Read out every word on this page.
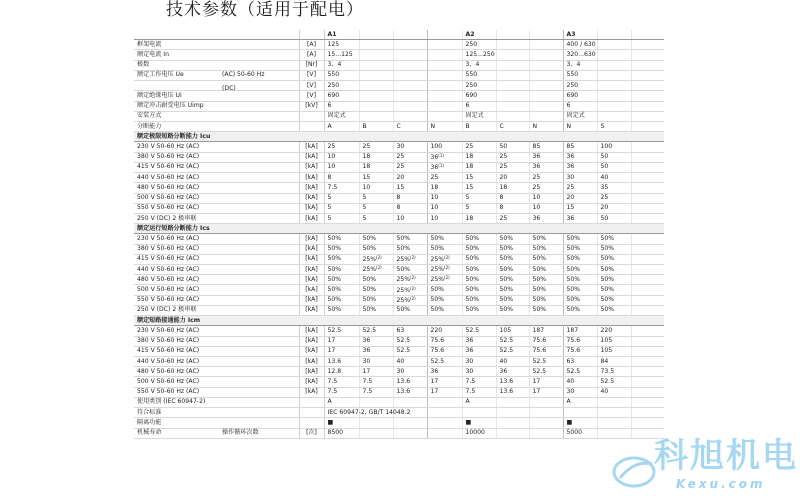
技术参数（适用于配电）
		A1				A2			A3		
框架电流	[A]	125				250			400 / 630		
额定电流 In	[A]	15...125				125...250			320...630		
极数	[Nr]	3、4				3、4			3、4		
额定工作电压 Ue (AC) 50-60 Hz	[V]	550				550			550		

(DC)	[V]	250				250			250		
额定绝缘电压 Ui	[V]	690				690			690		
额定冲击耐受电压 Uimp	[kV]	6				6			6		
安装方式		固定式				固定式			固定式		
分断能力		A	B	C	N	B	C	N	N	S	
额定极限短路分断能力 Icu											
230 V 50-60 Hz (AC)	[kA]	25	25	30	100	25	50	85	85	100	
380 V 50-60 Hz (AC)	[kA]	10	18	25	36$^{(1)}$	18	25	36	36	50	
415 V 50-60 Hz (AC)	[kA]	10	18	25	36$^{(1)}$	18	25	36	36	50	
440 V 50-60 Hz (AC)	[kA]	8	15	20	25	15	20	25	30	40	
480 V 50-60 Hz (AC)	[kA]	7.5	10	15	18	15	18	25	25	35	
500 V 50-60 Hz (AC)	[kA]	5	5	8	10	5	8	10	20	25	
550 V 50-60 Hz (AC)	[kA]	5	5	8	10	5	8	10	15	20	
250 V (DC) 2 极串联	[kA]	5	5	10	10	18	25	36	36	50	
额定运行短路分断能力 Ics											
230 V 50-60 Hz (AC)	[kA]	50%	50%	50%	50%	50%	50%	50%	50%	50%	
380 V 50-60 Hz (AC)	[kA]	50%	50%	50%	50%	50%	50%	50%	50%	50%	
415 V 50-60 Hz (AC)	[kA]	50%	25%$^{(2)}$	25%$^{(2)}$	25%$^{(2)}$	50%	50%	50%	50%	50%	
440 V 50-60 Hz (AC)	[kA]	50%	25%$^{(2)}$	50%	25%$^{(2)}$	50%	50%	50%	50%	50%	
480 V 50-60 Hz (AC)	[kA]	50%	50%	25%$^{(2)}$	25%$^{(2)}$	50%	50%	50%	50%	50%	
500 V 50-60 Hz (AC)	[kA]	50%	50%	25%$^{(2)}$	50%	50%	50%	50%	50%	50%	
550 V 50-60 Hz (AC)	[kA]	50%	50%	25%$^{(2)}$	50%	50%	50%	50%	50%	50%	
250 V (DC) 2 极串联	[kA]	50%	50%	50%	50%	50%	50%	50%	50%	50%	
额定短路接通能力 Icm											
230 V 50-60 Hz (AC)	[kA]	52.5	52.5	63	220	52.5	105	187	187	220	
380 V 50-60 Hz (AC)	[kA]	17	36	52.5	75.6	36	52.5	75.6	75.6	105	
415 V 50-60 Hz (AC)	[kA]	17	36	52.5	75.6	36	52.5	75.6	75.6	105	
440 V 50-60 Hz (AC)	[kA]	13.6	30	40	52.5	30	40	52.5	63	84	
480 V 50-60 Hz (AC)	[kA]	12.8	17	30	36	30	36	52.5	52.5	73.5	
500 V 50-60 Hz (AC)	[kA]	7.5	7.5	13.6	17	7.5	13.6	17	40	52.5	
550 V 50-60 Hz (AC)	[kA]	7.5	7.5	13.6	17	7.5	13.6	17	30	40	
使用类别 (IEC 60947-2)		A				A			A		
符合标准		IEC 60947-2, GB/T 14048.2									
隔离功能		■				■			■		
机械寿命 操作循环次数	[次]	8500				10000			5000		
科旭机电
Kexu.com
